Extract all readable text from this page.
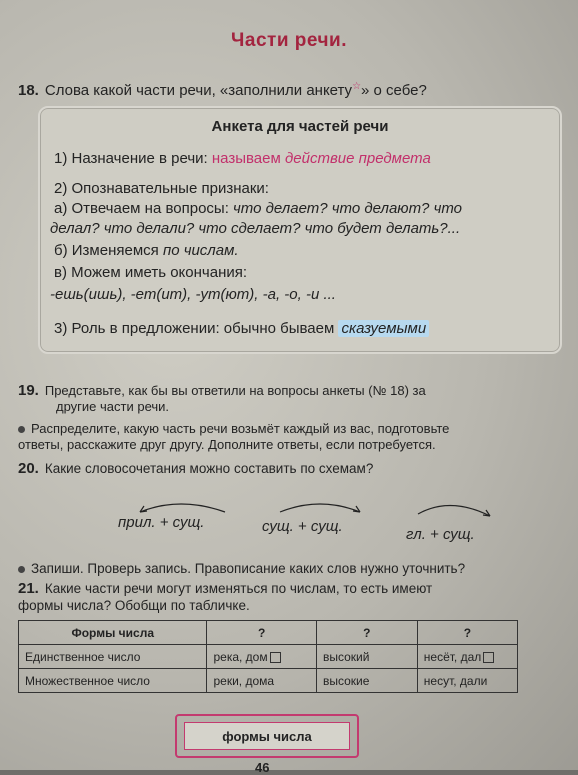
Части речи.
18. Слова какой части речи, «заполнили анкету☆» о себе?
Анкета для частей речи
1) Назначение в речи: называем действие предмета
2) Опознавательные признаки:
а) Отвечаем на вопросы: что делает? что делают? что
делал? что делали? что сделает? что будет делать?...
б) Изменяемся по числам.
в) Можем иметь окончания:
-ешь(ишь), -ет(ит), -ут(ют), -а, -о, -и ...
3) Роль в предложении: обычно бываем сказуемыми
19. Представьте, как бы вы ответили на вопросы анкеты (№ 18) за
другие части речи.
Распределите, какую часть речи возьмёт каждый из вас, подготовьте
ответы, расскажите друг другу. Дополните ответы, если потребуется.
20. Какие словосочетания можно составить по схемам?
прил. + сущ.	сущ. + сущ.	гл. + сущ.
Запиши. Проверь запись. Правописание каких слов нужно уточнить?
21. Какие части речи могут изменяться по числам, то есть имеют
формы числа? Обобщи по табличке.
Формы числа	?	?	?
Единственное число	река, дом	высокий	несёт, дал
Множественное число	реки, дома	высокие	несут, дали
формы числа
46
